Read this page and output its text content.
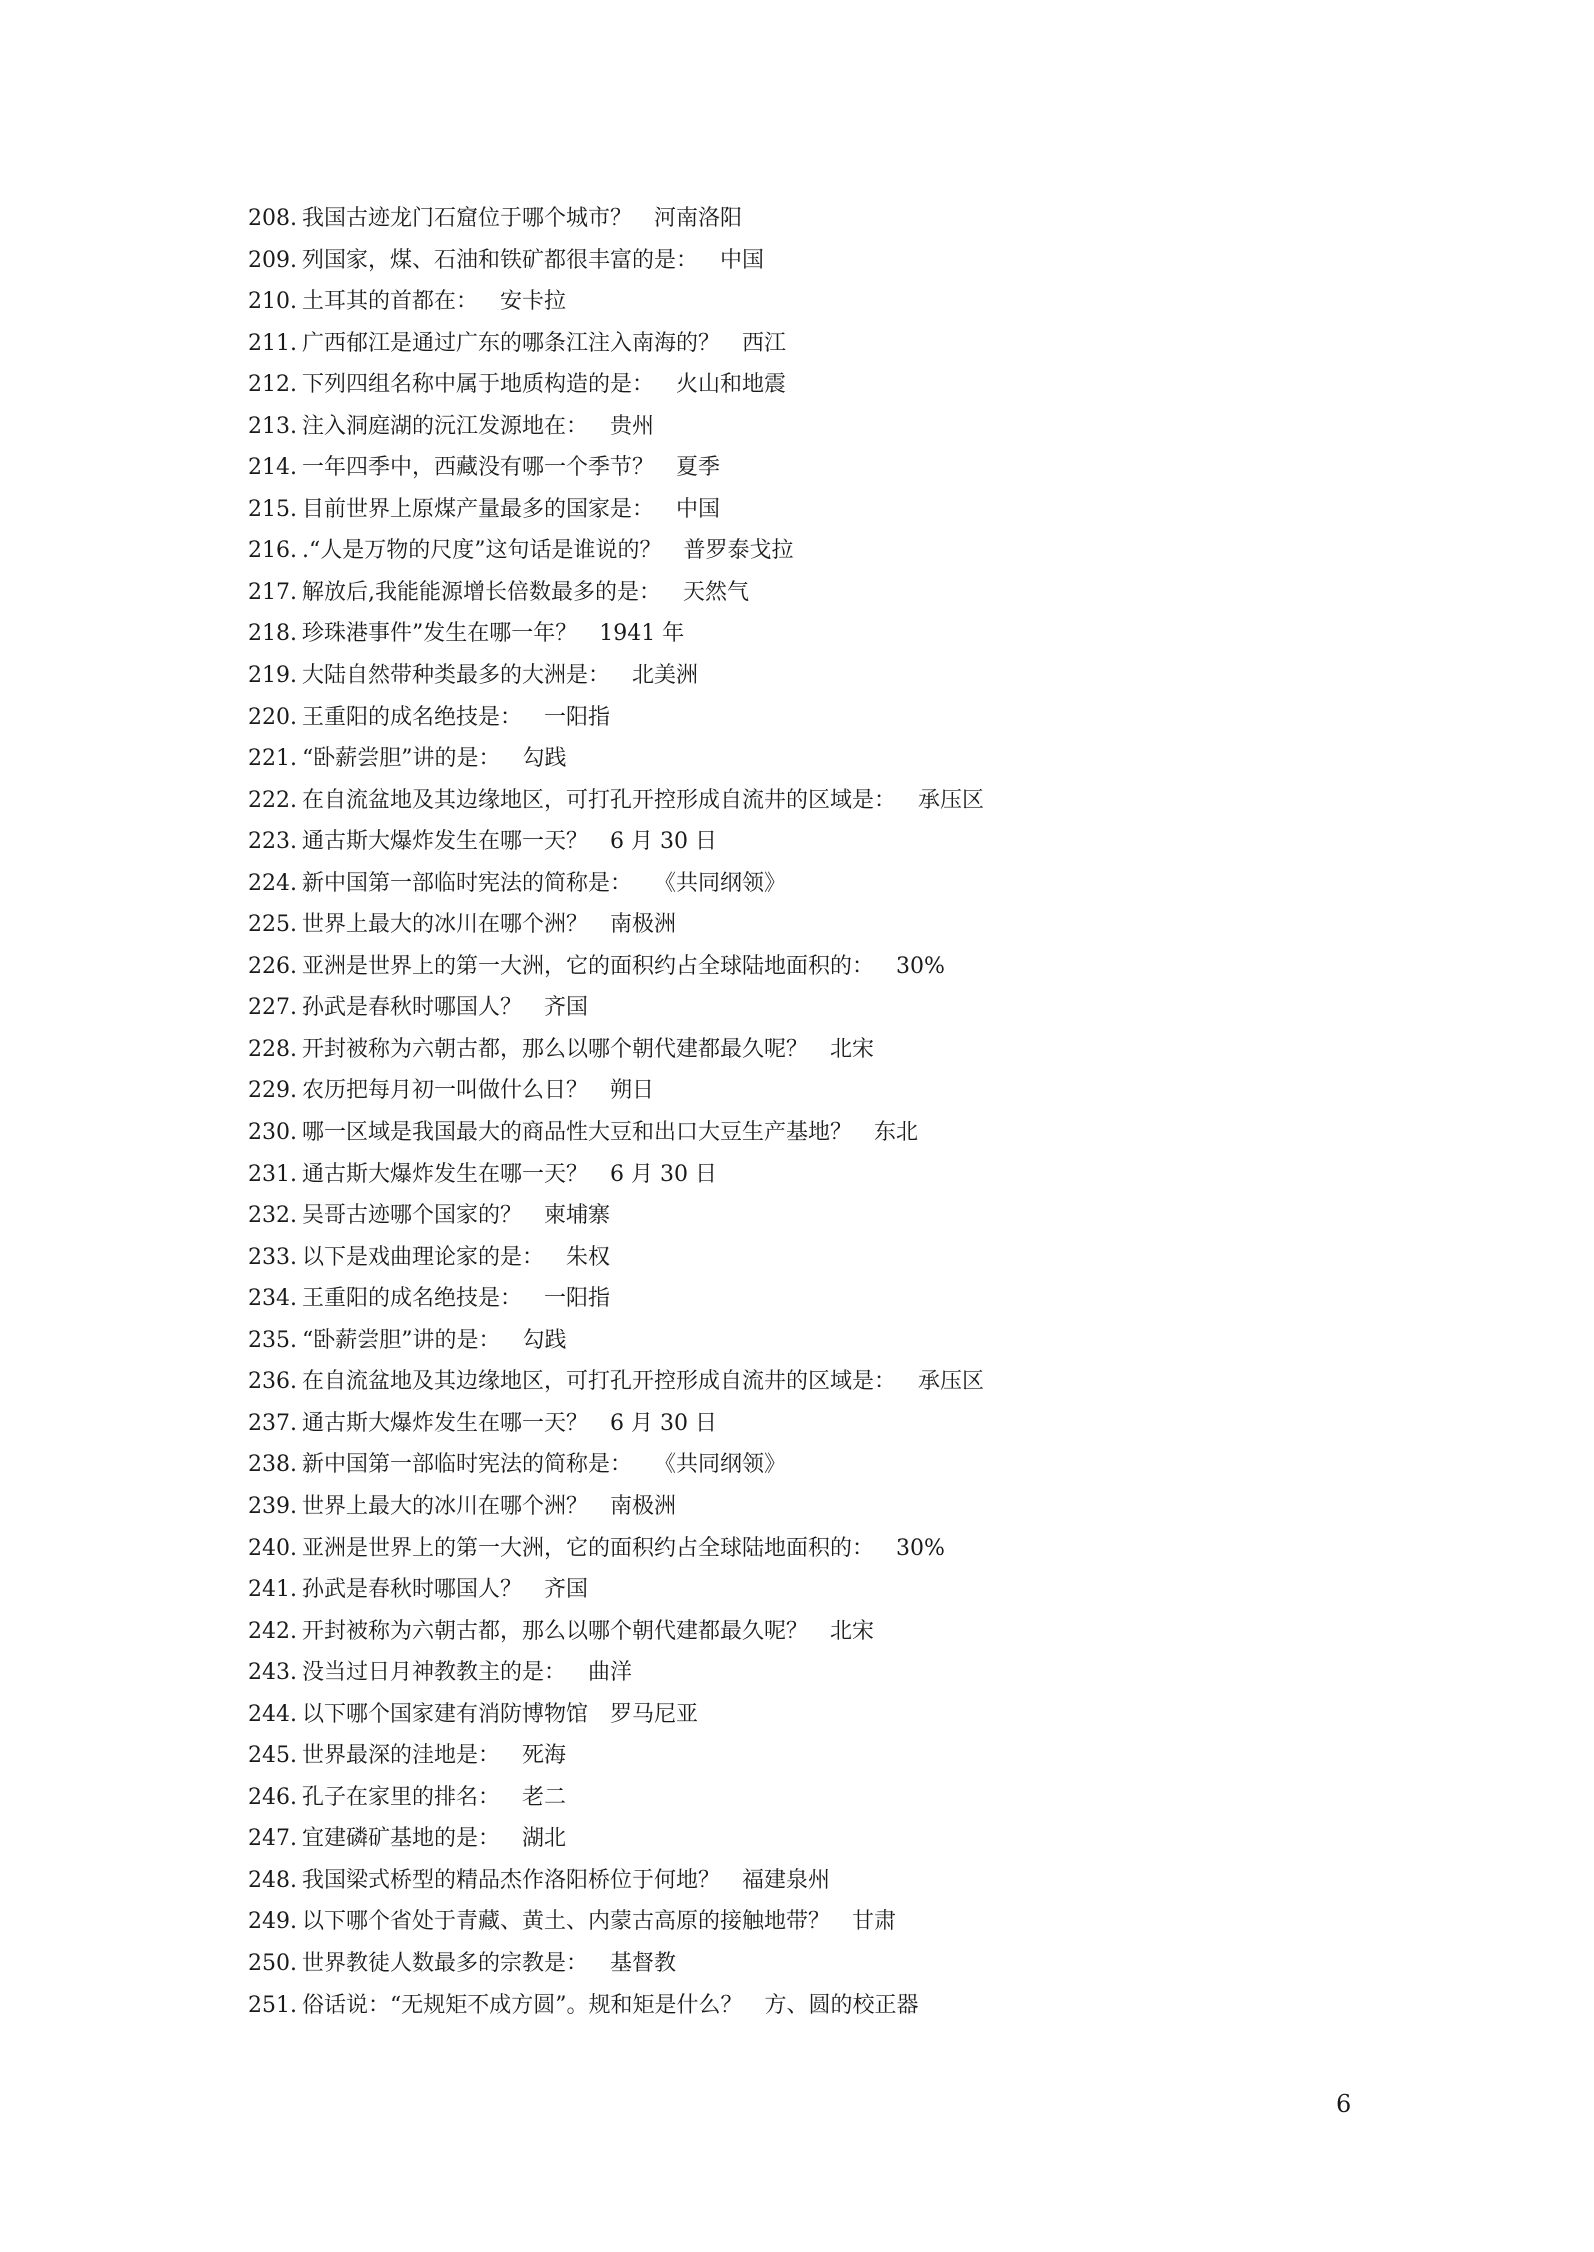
208. 我国古迹龙门石窟位于哪个城市？ 河南洛阳
209. 列国家，煤、石油和铁矿都很丰富的是： 中国
210. 土耳其的首都在： 安卡拉
211. 广西郁江是通过广东的哪条江注入南海的？ 西江
212. 下列四组名称中属于地质构造的是： 火山和地震
213. 注入洞庭湖的沅江发源地在： 贵州
214. 一年四季中，西藏没有哪一个季节？ 夏季
215. 目前世界上原煤产量最多的国家是： 中国
216. .“人是万物的尺度”这句话是谁说的？ 普罗泰戈拉
217. 解放后,我能能源增长倍数最多的是： 天然气
218. 珍珠港事件”发生在哪一年？ 1941 年
219. 大陆自然带种类最多的大洲是： 北美洲
220. 王重阳的成名绝技是： 一阳指
221. “卧薪尝胆”讲的是： 勾践
222. 在自流盆地及其边缘地区，可打孔开控形成自流井的区域是： 承压区
223. 通古斯大爆炸发生在哪一天？ 6 月 30 日
224. 新中国第一部临时宪法的简称是： 《共同纲领》
225. 世界上最大的冰川在哪个洲？ 南极洲
226. 亚洲是世界上的第一大洲，它的面积约占全球陆地面积的： 30%
227. 孙武是春秋时哪国人？ 齐国
228. 开封被称为六朝古都，那么以哪个朝代建都最久呢？ 北宋
229. 农历把每月初一叫做什么日？ 朔日
230. 哪一区域是我国最大的商品性大豆和出口大豆生产基地？ 东北
231. 通古斯大爆炸发生在哪一天？ 6 月 30 日
232. 吴哥古迹哪个国家的？ 柬埔寨
233. 以下是戏曲理论家的是： 朱权
234. 王重阳的成名绝技是： 一阳指
235. “卧薪尝胆”讲的是： 勾践
236. 在自流盆地及其边缘地区，可打孔开控形成自流井的区域是： 承压区
237. 通古斯大爆炸发生在哪一天？ 6 月 30 日
238. 新中国第一部临时宪法的简称是： 《共同纲领》
239. 世界上最大的冰川在哪个洲？ 南极洲
240. 亚洲是世界上的第一大洲，它的面积约占全球陆地面积的： 30%
241. 孙武是春秋时哪国人？ 齐国
242. 开封被称为六朝古都，那么以哪个朝代建都最久呢？ 北宋
243. 没当过日月神教教主的是： 曲洋
244. 以下哪个国家建有消防博物馆 罗马尼亚
245. 世界最深的洼地是： 死海
246. 孔子在家里的排名： 老二
247. 宜建磷矿基地的是： 湖北
248. 我国梁式桥型的精品杰作洛阳桥位于何地？ 福建泉州
249. 以下哪个省处于青藏、黄土、内蒙古高原的接触地带？ 甘肃
250. 世界教徒人数最多的宗教是： 基督教
251. 俗话说：“无规矩不成方圆”。规和矩是什么？ 方、圆的校正器
6
